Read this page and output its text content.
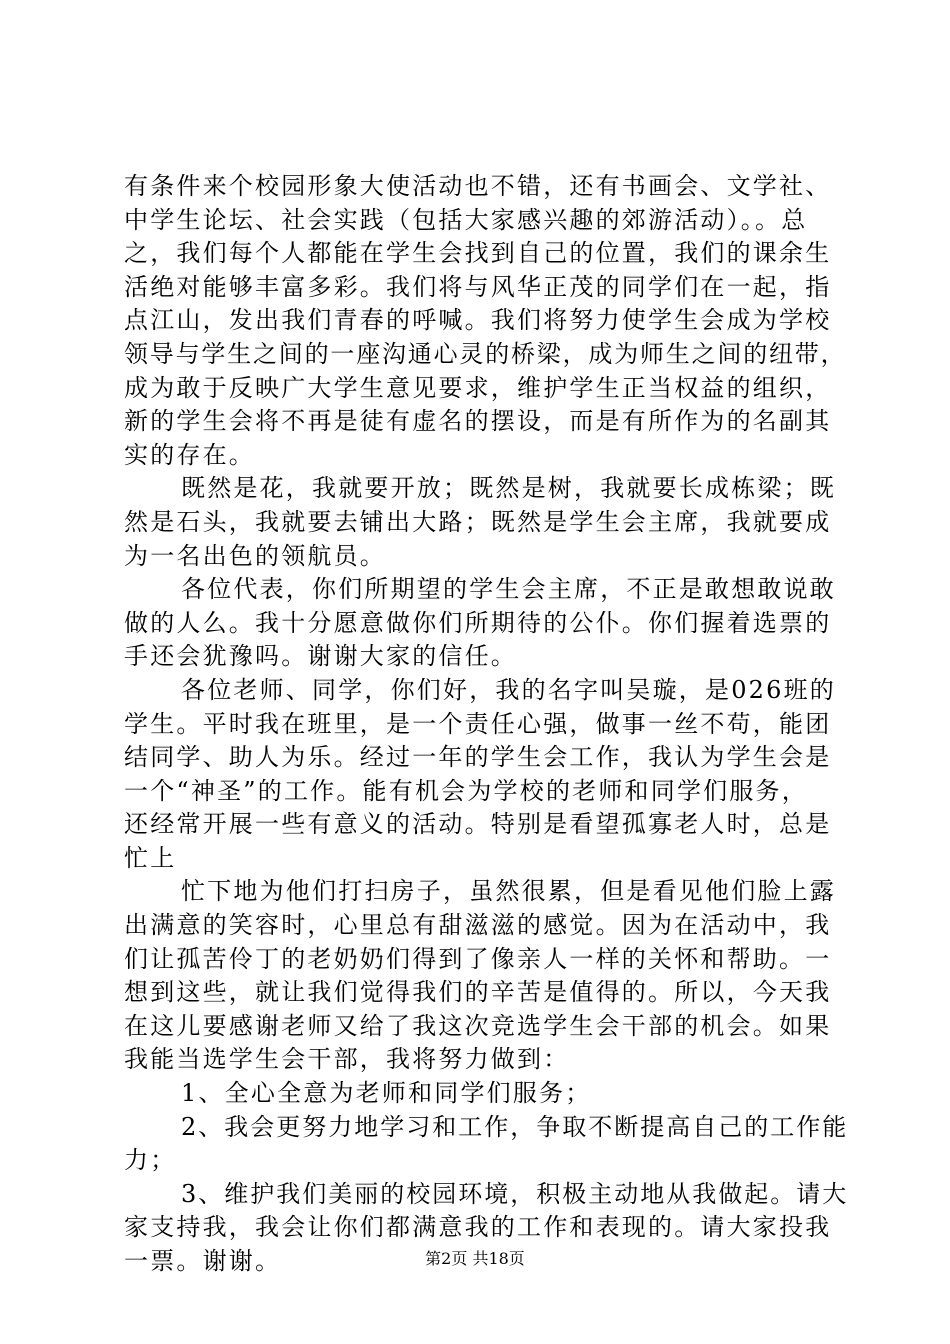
有条件来个校园形象大使活动也不错，还有书画会、文学社、
中学生论坛、社会实践（包括大家感兴趣的郊游活动）。。总
之，我们每个人都能在学生会找到自己的位置，我们的课余生
活绝对能够丰富多彩。我们将与风华正茂的同学们在一起，指
点江山，发出我们青春的呼喊。我们将努力使学生会成为学校
领导与学生之间的一座沟通心灵的桥梁，成为师生之间的纽带，
成为敢于反映广大学生意见要求，维护学生正当权益的组织，
新的学生会将不再是徒有虚名的摆设，而是有所作为的名副其
实的存在。
既然是花，我就要开放；既然是树，我就要长成栋梁；既
然是石头，我就要去铺出大路；既然是学生会主席，我就要成
为一名出色的领航员。
各位代表，你们所期望的学生会主席，不正是敢想敢说敢
做的人么。我十分愿意做你们所期待的公仆。你们握着选票的
手还会犹豫吗。谢谢大家的信任。
各位老师、同学，你们好，我的名字叫吴璇，是026班的
学生。平时我在班里，是一个责任心强，做事一丝不苟，能团
结同学、助人为乐。经过一年的学生会工作，我认为学生会是
一个“神圣”的工作。能有机会为学校的老师和同学们服务，
还经常开展一些有意义的活动。特别是看望孤寡老人时，总是
忙上
忙下地为他们打扫房子，虽然很累，但是看见他们脸上露
出满意的笑容时，心里总有甜滋滋的感觉。因为在活动中，我
们让孤苦伶丁的老奶奶们得到了像亲人一样的关怀和帮助。一
想到这些，就让我们觉得我们的辛苦是值得的。所以，今天我
在这儿要感谢老师又给了我这次竞选学生会干部的机会。如果
我能当选学生会干部，我将努力做到：
1、全心全意为老师和同学们服务；
2、我会更努力地学习和工作，争取不断提高自己的工作能
力；
3、维护我们美丽的校园环境，积极主动地从我做起。请大
家支持我，我会让你们都满意我的工作和表现的。请大家投我
一票。谢谢。	第2页 共18页
